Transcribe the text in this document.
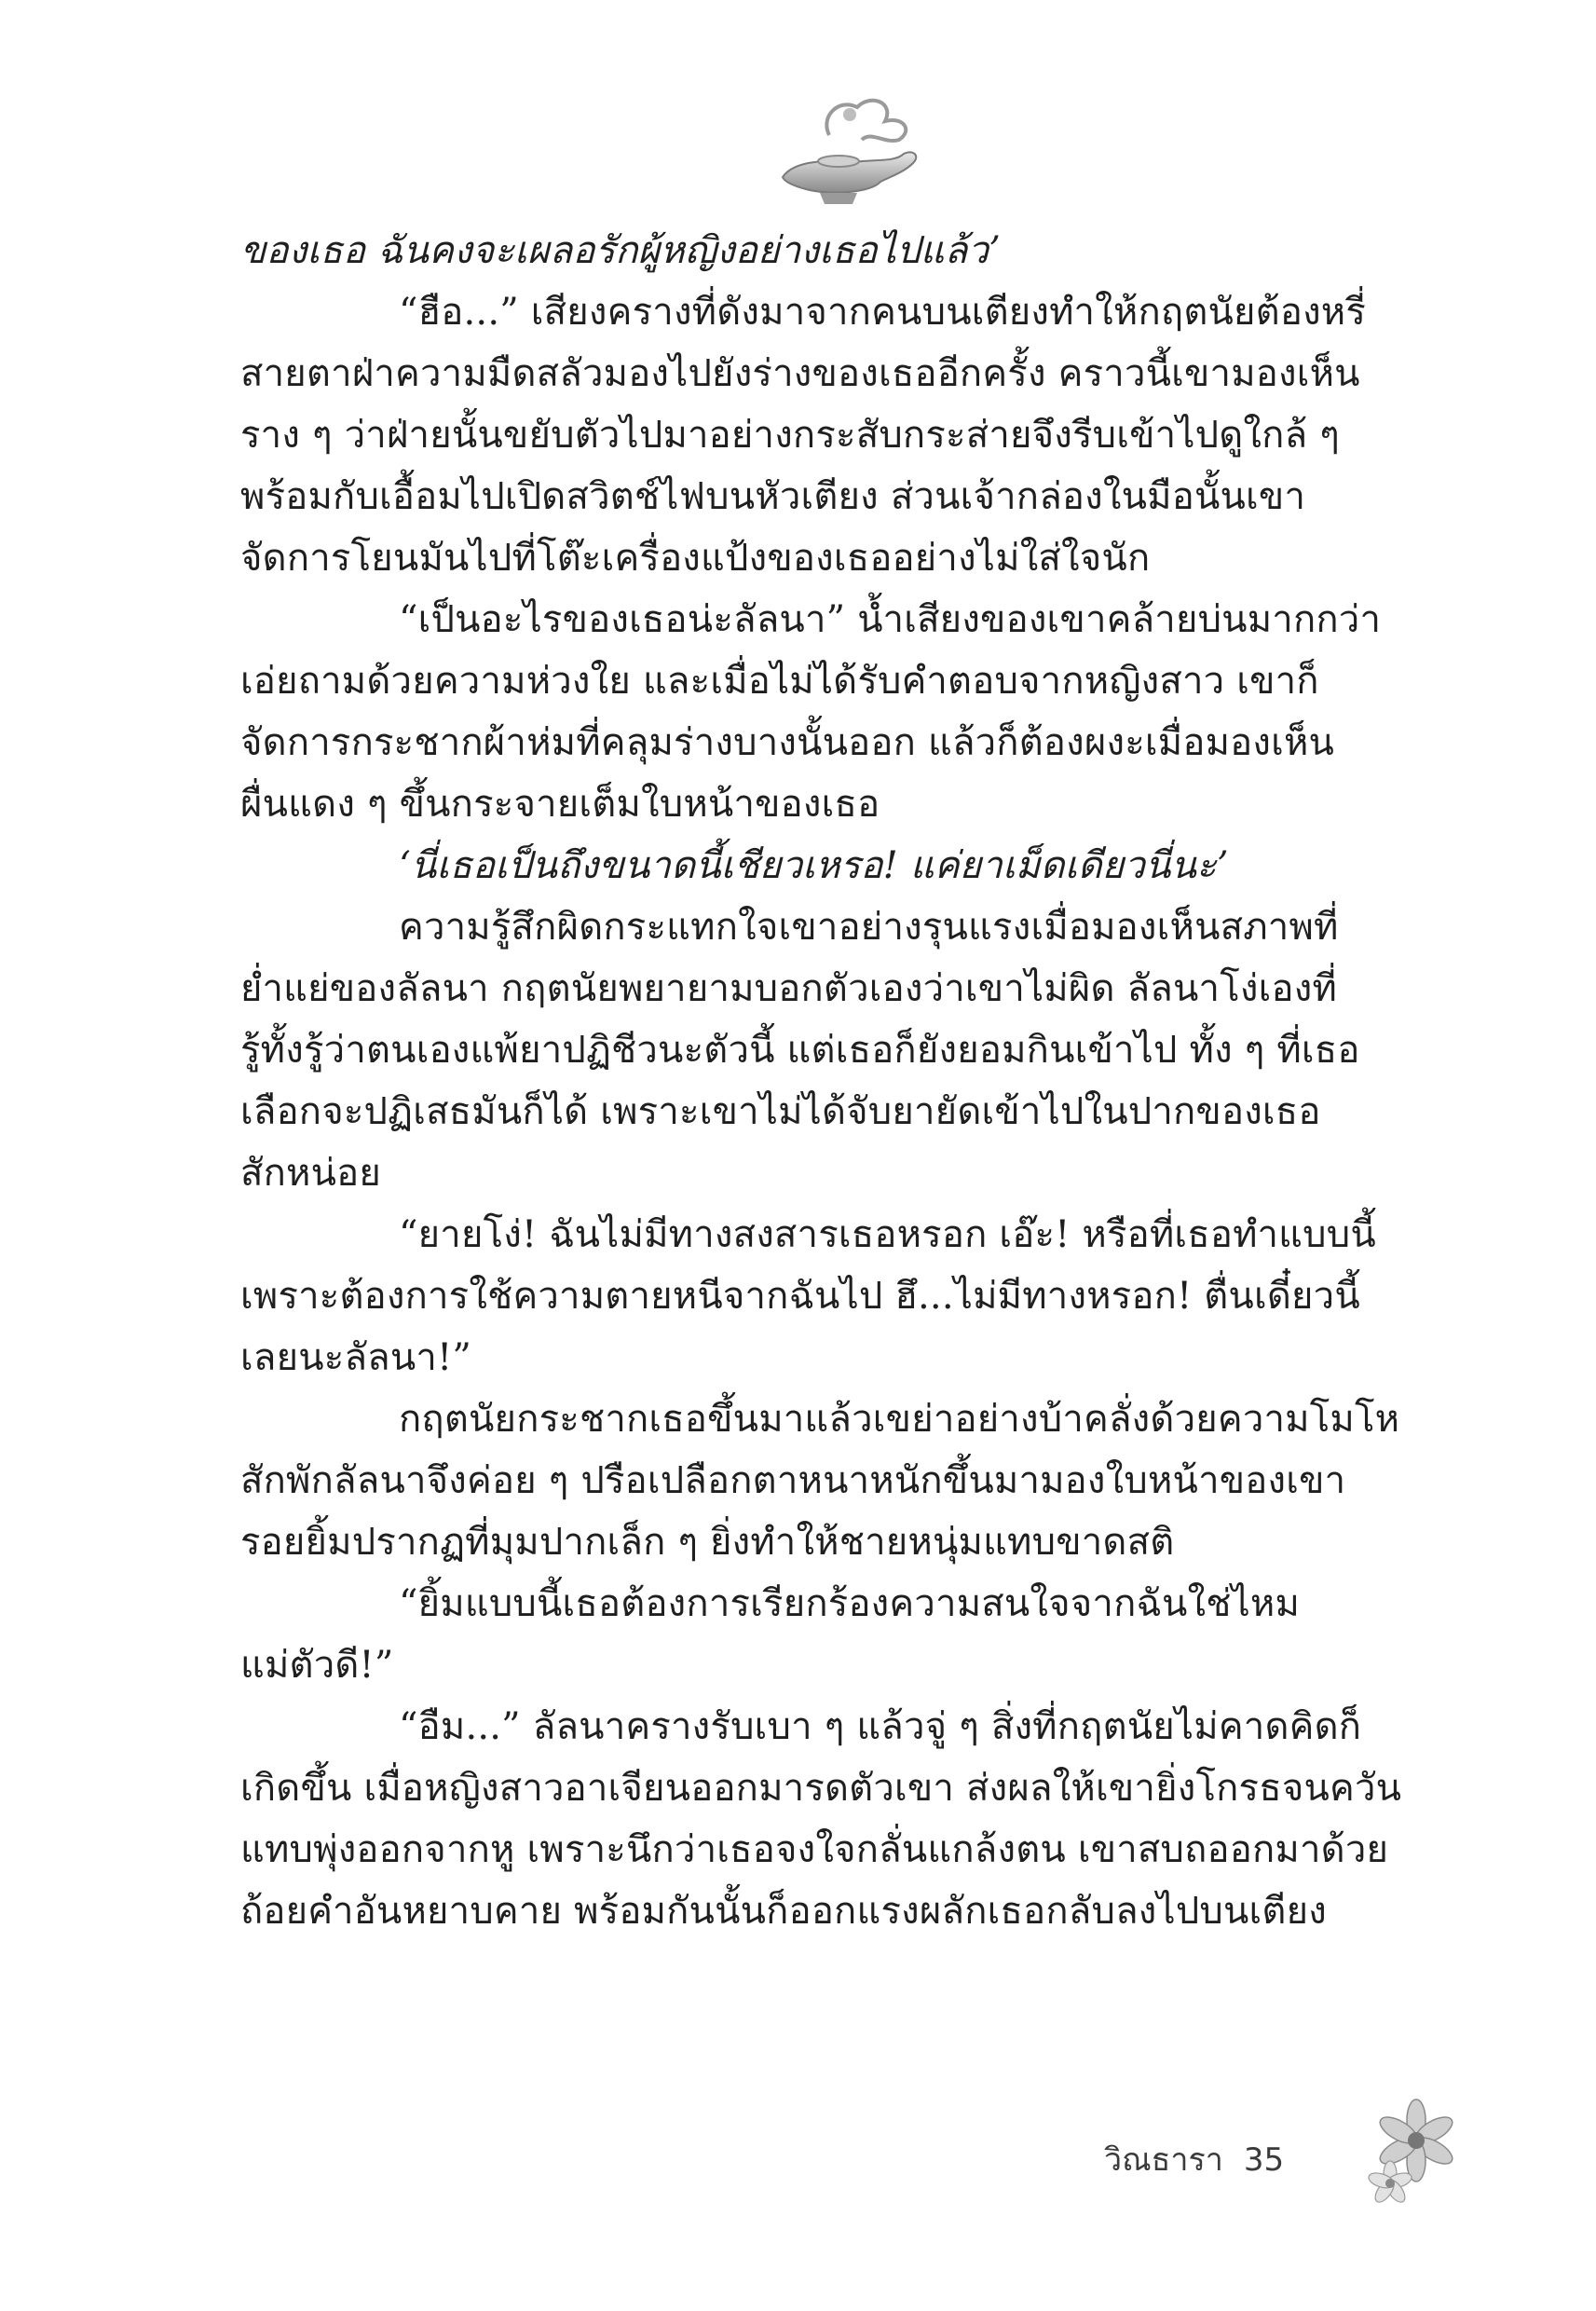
ของเธอ ฉันคงจะเผลอรักผู้หญิงอย่างเธอไปแล้ว’
“ฮือ...” เสียงครางที่ดังมาจากคนบนเตียงทำให้กฤตนัยต้องหรี่
สายตาฝ่าความมืดสลัวมองไปยังร่างของเธออีกครั้ง คราวนี้เขามองเห็น
ราง ๆ ว่าฝ่ายนั้นขยับตัวไปมาอย่างกระสับกระส่ายจึงรีบเข้าไปดูใกล้ ๆ
พร้อมกับเอื้อมไปเปิดสวิตช์ไฟบนหัวเตียง ส่วนเจ้ากล่องในมือนั้นเขา
จัดการโยนมันไปที่โต๊ะเครื่องแป้งของเธออย่างไม่ใส่ใจนัก
“เป็นอะไรของเธอน่ะลัลนา” น้ำเสียงของเขาคล้ายบ่นมากกว่า
เอ่ยถามด้วยความห่วงใย และเมื่อไม่ได้รับคำตอบจากหญิงสาว เขาก็
จัดการกระชากผ้าห่มที่คลุมร่างบางนั้นออก แล้วก็ต้องผงะเมื่อมองเห็น
ผื่นแดง ๆ ขึ้นกระจายเต็มใบหน้าของเธอ
‘นี่เธอเป็นถึงขนาดนี้เชียวเหรอ! แค่ยาเม็ดเดียวนี่นะ’
ความรู้สึกผิดกระแทกใจเขาอย่างรุนแรงเมื่อมองเห็นสภาพที่
ย่ำแย่ของลัลนา กฤตนัยพยายามบอกตัวเองว่าเขาไม่ผิด ลัลนาโง่เองที่
รู้ทั้งรู้ว่าตนเองแพ้ยาปฏิชีวนะตัวนี้ แต่เธอก็ยังยอมกินเข้าไป ทั้ง ๆ ที่เธอ
เลือกจะปฏิเสธมันก็ได้ เพราะเขาไม่ได้จับยายัดเข้าไปในปากของเธอ
สักหน่อย
“ยายโง่! ฉันไม่มีทางสงสารเธอหรอก เอ๊ะ! หรือที่เธอทำแบบนี้
เพราะต้องการใช้ความตายหนีจากฉันไป ฮึ...ไม่มีทางหรอก! ตื่นเดี๋ยวนี้
เลยนะลัลนา!”
กฤตนัยกระชากเธอขึ้นมาแล้วเขย่าอย่างบ้าคลั่งด้วยความโมโห
สักพักลัลนาจึงค่อย ๆ ปรือเปลือกตาหนาหนักขึ้นมามองใบหน้าของเขา
รอยยิ้มปรากฏที่มุมปากเล็ก ๆ ยิ่งทำให้ชายหนุ่มแทบขาดสติ
“ยิ้มแบบนี้เธอต้องการเรียกร้องความสนใจจากฉันใช่ไหม
แม่ตัวดี!”
“อืม...” ลัลนาครางรับเบา ๆ แล้วจู่ ๆ สิ่งที่กฤตนัยไม่คาดคิดก็
เกิดขึ้น เมื่อหญิงสาวอาเจียนออกมารดตัวเขา ส่งผลให้เขายิ่งโกรธจนควัน
แทบพุ่งออกจากหู เพราะนึกว่าเธอจงใจกลั่นแกล้งตน เขาสบถออกมาด้วย
ถ้อยคำอันหยาบคาย พร้อมกันนั้นก็ออกแรงผลักเธอกลับลงไปบนเตียง
วิณธารา 35
